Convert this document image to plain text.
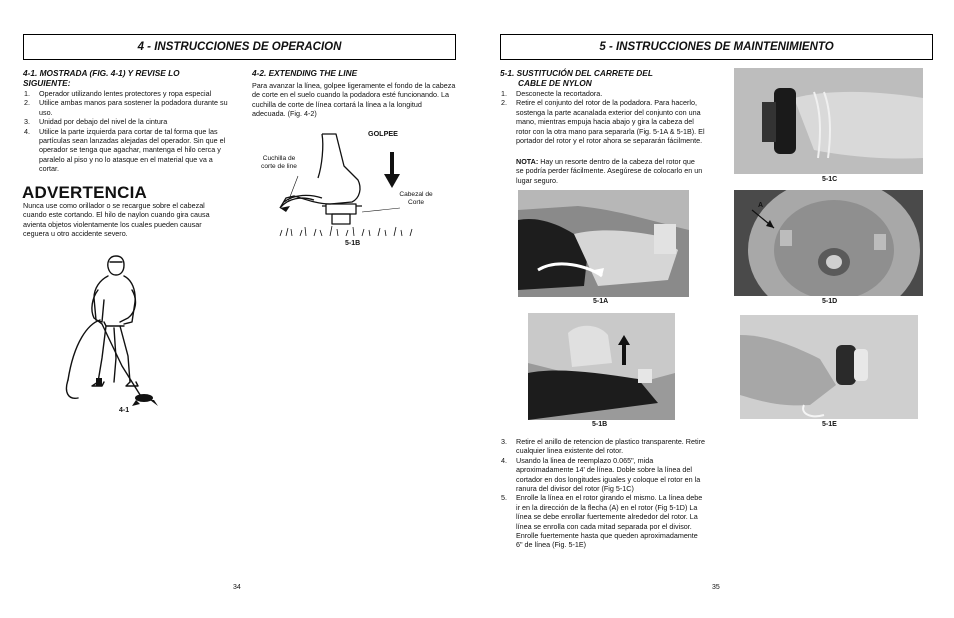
4 - INSTRUCCIONES DE OPERACION
4-1. MOSTRADA (FIG. 4-1) Y REVISE LO SIGUIENTE:
1. Operador utilizando lentes protectores y ropa especial
2. Utilice ambas manos para sostener la podadora durante su uso.
3. Unidad por debajo del nivel de la cintura
4. Utilice la parte izquierda para cortar de tal forma que las partículas sean lanzadas alejadas del operador. Sin que el operador se tenga que agachar, mantenga el hilo cerca y paralelo al piso y no lo atasque en el material que va a cortar.
ADVERTENCIA
Nunca use como orillador o se recargue sobre el cabezal cuando este cortando. El hilo de naylon cuando gira causa avienta objetos violentamente los cuales pueden causar ceguera u otro accidente severo.
4-1
4-2. EXTENDING THE LINE
Para avanzar la línea, golpee ligeramente el fondo de la cabeza de corte en el suelo cuando la podadora esté funcionando. La cuchilla de corte de línea cortará la línea a la longitud adecuada. (Fig. 4-2)
GOLPEE
Cuchilla de
corte de line
Cabezal de
Corte
5-1B
34
5 - INSTRUCCIONES DE MAINTENIMIENTO
5-1. SUSTITUCIÓN DEL CARRETE DEL
CABLE DE NYLON
1. Desconecte la recortadora.
2. Retire el conjunto del rotor de la podadora. Para hacerlo, sostenga la parte acanalada exterior del conjunto con una mano, mientras empuja hacia abajo y gira la cabeza del rotor con la otra mano para separarla (Fig. 5-1A & 5-1B). El portador del rotor y el rotor ahora se separarán fácilmente.
NOTA: Hay un resorte dentro de la cabeza del rotor que se podría perder fácilmente. Asegúrese de colocarlo en un lugar seguro.
5-1A
5-1B
5-1C
A
5-1D
5-1E
3. Retire el anillo de retencion de plastico transparente. Retire cualquier linea existente del rotor.
4. Usando la linea de reemplazo 0.065", mida aproximadamente 14' de línea. Doble sobre la línea del cortador en dos longitudes iguales y coloque el rotor en la ranura del divisor del rotor (Fig 5-1C)
5. Enrolle la línea en el rotor girando el mismo. La línea debe ir en la dirección de la flecha (A) en el rotor (Fig 5-1D) La línea se debe enrollar fuertemente alrededor del rotor. La línea se enrolla con cada mitad separada por el divisor. Enrolle fuertemente hasta que queden aproximadamente 6" de línea (Fig. 5-1E)
35
